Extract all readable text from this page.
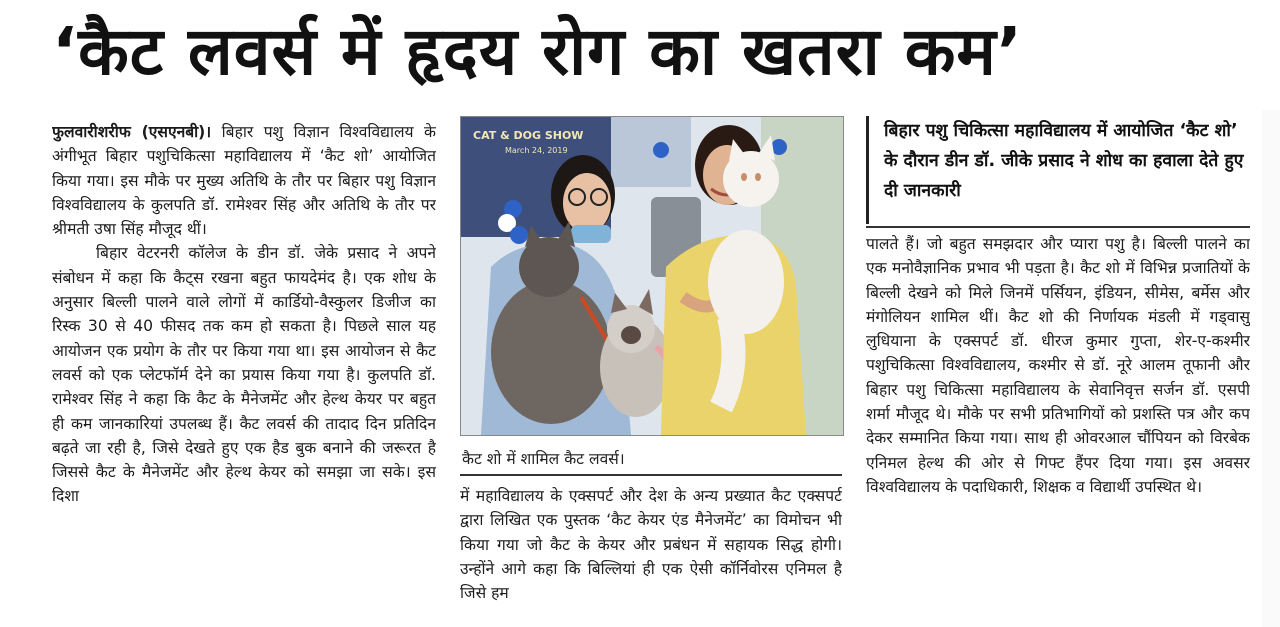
‘कैट लवर्स में हृदय रोग का खतरा कम’

फुलवारीशरीफ (एसएनबी)। बिहार पशु विज्ञान विश्वविद्यालय के अंगीभूत बिहार पशुचिकित्सा महाविद्यालय में ‘कैट शो’ आयोजित किया गया। इस मौके पर मुख्य अतिथि के तौर पर बिहार पशु विज्ञान विश्वविद्यालय के कुलपति डॉ. रामेश्वर सिंह और अतिथि के तौर पर श्रीमती उषा सिंह मौजूद थीं।

बिहार वेटरनरी कॉलेज के डीन डॉ. जेके प्रसाद ने अपने संबोधन में कहा कि कैट्स रखना बहुत फायदेमंद है। एक शोध के अनुसार बिल्ली पालने वाले लोगों में कार्डियो-वैस्कुलर डिजीज का रिस्क 30 से 40 फीसद तक कम हो सकता है। पिछले साल यह आयोजन एक प्रयोग के तौर पर किया गया था। इस आयोजन से कैट लवर्स को एक प्लेटफॉर्म देने का प्रयास किया गया है। कुलपति डॉ. रामेश्वर सिंह ने कहा कि कैट के मैनेजमेंट और हेल्थ केयर पर बहुत ही कम जानकारियां उपलब्ध हैं। कैट लवर्स की तादाद दिन प्रतिदिन बढ़ते जा रही है, जिसे देखते हुए एक हैड बुक बनाने की जरूरत है जिससे कैट के मैनेजमेंट और हेल्थ केयर को समझा जा सके। इस दिशा

CAT & DOG SHOW
March 24, 2019
कैट शो में शामिल कैट लवर्स।

में महाविद्यालय के एक्सपर्ट और देश के अन्य प्रख्यात कैट एक्सपर्ट द्वारा लिखित एक पुस्तक ‘कैट केयर एंड मैनेजमेंट’ का विमोचन भी किया गया जो कैट के केयर और प्रबंधन में सहायक सिद्ध होगी। उन्होंने आगे कहा कि बिल्लियां ही एक ऐसी कॉर्निवोरस एनिमल है जिसे हम

बिहार पशु चिकित्सा महाविद्यालय में आयोजित ‘कैट शो’ के दौरान डीन डॉ. जीके प्रसाद ने शोध का हवाला देते हुए दी जानकारी

पालते हैं। जो बहुत समझदार और प्यारा पशु है। बिल्ली पालने का एक मनोवैज्ञानिक प्रभाव भी पड़ता है। कैट शो में विभिन्न प्रजातियों के बिल्ली देखने को मिले जिनमें पर्सियन, इंडियन, सीमेस, बर्मेस और मंगोलियन शामिल थीं। कैट शो की निर्णायक मंडली में गड्वासु लुधियाना के एक्सपर्ट डॉ. धीरज कुमार गुप्ता, शेर-ए-कश्मीर पशुचिकित्सा विश्वविद्यालय, कश्मीर से डॉ. नूरे आलम तूफानी और बिहार पशु चिकित्सा महाविद्यालय के सेवानिवृत्त सर्जन डॉ. एसपी शर्मा मौजूद थे। मौके पर सभी प्रतिभागियों को प्रशस्ति पत्र और कप देकर सम्मानित किया गया। साथ ही ओवरआल चौंपियन को विरबेक एनिमल हेल्थ की ओर से गिफ्ट हैंपर दिया गया। इस अवसर विश्वविद्यालय के पदाधिकारी, शिक्षक व विद्यार्थी उपस्थित थे।
